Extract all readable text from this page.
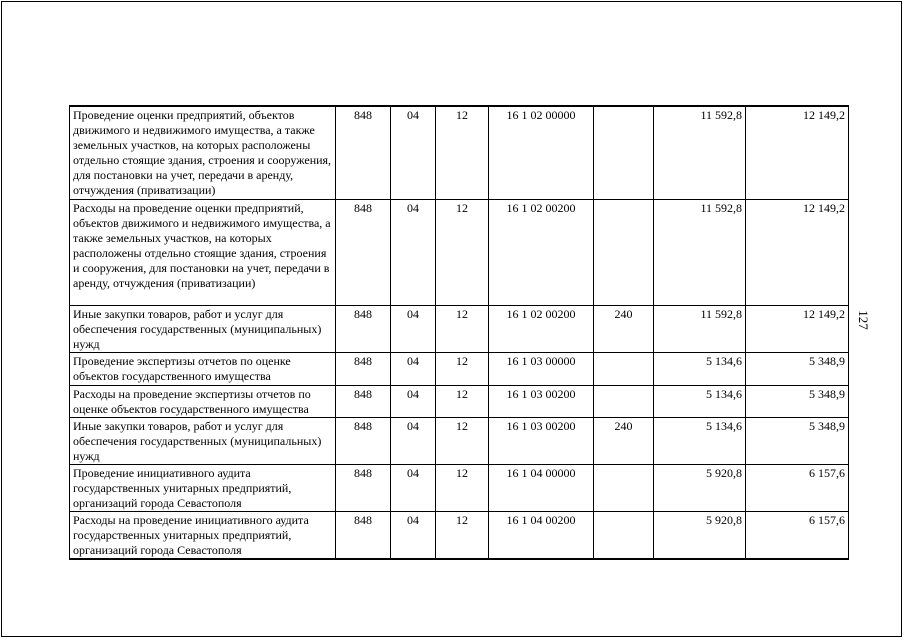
Проведение оценки предприятий, объектов движимого и недвижимого имущества, а также земельных участков, на которых расположены отдельно стоящие здания, строения и сооружения, для постановки на учет, передачи в аренду, отчуждения (приватизации)	848	04	12	16 1 02 00000		11 592,8	12 149,2
Расходы на проведение оценки предприятий, объектов движимого и недвижимого имущества, а также земельных участков, на которых расположены отдельно стоящие здания, строения и сооружения, для постановки на учет, передачи в аренду, отчуждения (приватизации)	848	04	12	16 1 02 00200		11 592,8	12 149,2
Иные закупки товаров, работ и услуг для обеспечения государственных (муниципальных) нужд	848	04	12	16 1 02 00200	240	11 592,8	12 149,2
Проведение экспертизы отчетов по оценке объектов государственного имущества	848	04	12	16 1 03 00000		5 134,6	5 348,9
Расходы на проведение экспертизы отчетов по оценке объектов государственного имущества	848	04	12	16 1 03 00200		5 134,6	5 348,9
Иные закупки товаров, работ и услуг для обеспечения государственных (муниципальных) нужд	848	04	12	16 1 03 00200	240	5 134,6	5 348,9
Проведение инициативного аудита государственных унитарных предприятий, организаций города Севастополя	848	04	12	16 1 04 00000		5 920,8	6 157,6
Расходы на проведение инициативного аудита государственных унитарных предприятий, организаций города Севастополя	848	04	12	16 1 04 00200		5 920,8	6 157,6
127
